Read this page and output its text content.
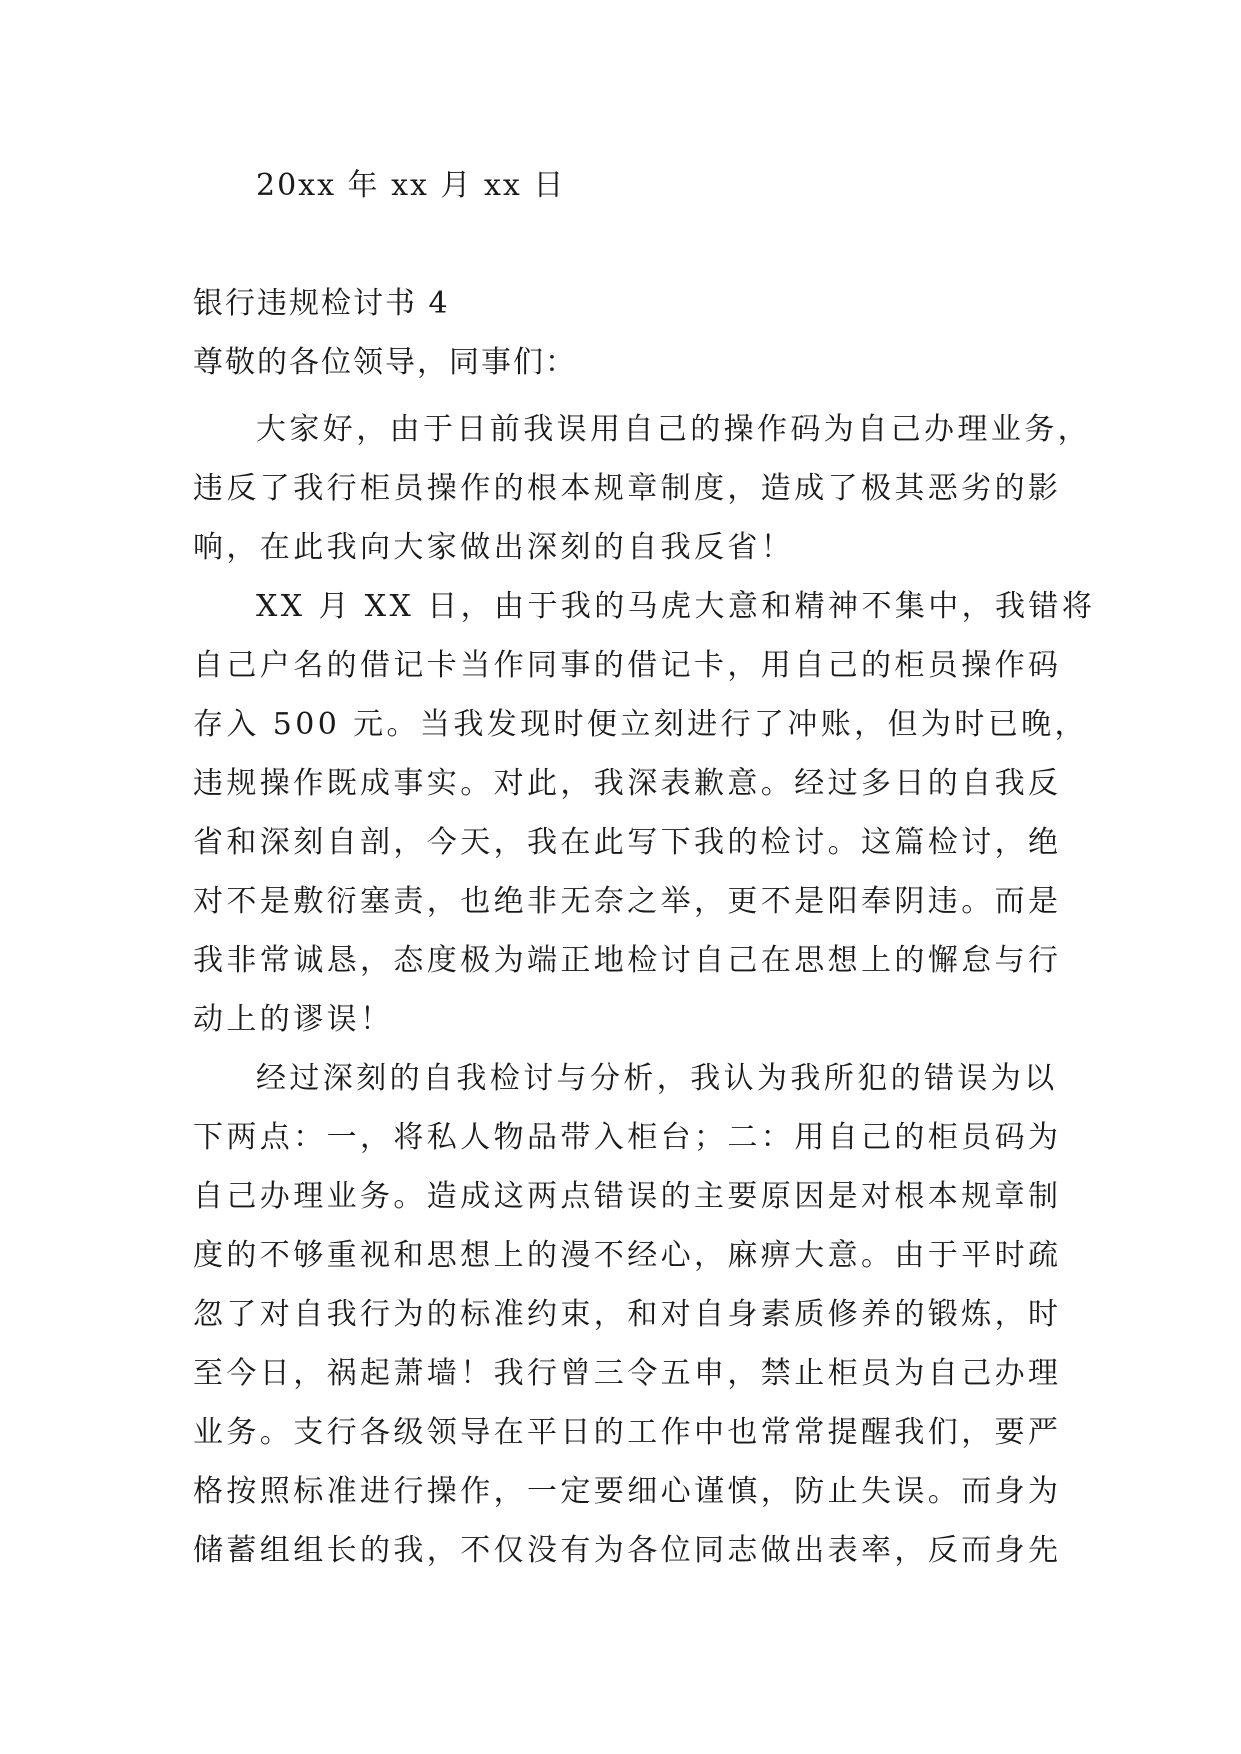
20xx 年 xx 月 xx 日
银行违规检讨书 4
尊敬的各位领导，同事们：
大家好，由于日前我误用自己的操作码为自己办理业务，
违反了我行柜员操作的根本规章制度，造成了极其恶劣的影
响，在此我向大家做出深刻的自我反省！
XX 月 XX 日，由于我的马虎大意和精神不集中，我错将
自己户名的借记卡当作同事的借记卡，用自己的柜员操作码
存入 500 元。当我发现时便立刻进行了冲账，但为时已晚，
违规操作既成事实。对此，我深表歉意。经过多日的自我反
省和深刻自剖，今天，我在此写下我的检讨。这篇检讨，绝
对不是敷衍塞责，也绝非无奈之举，更不是阳奉阴违。而是
我非常诚恳，态度极为端正地检讨自己在思想上的懈怠与行
动上的谬误！
经过深刻的自我检讨与分析，我认为我所犯的错误为以
下两点：一，将私人物品带入柜台；二：用自己的柜员码为
自己办理业务。造成这两点错误的主要原因是对根本规章制
度的不够重视和思想上的漫不经心，麻痹大意。由于平时疏
忽了对自我行为的标准约束，和对自身素质修养的锻炼，时
至今日，祸起萧墙！我行曾三令五申，禁止柜员为自己办理
业务。支行各级领导在平日的工作中也常常提醒我们，要严
格按照标准进行操作，一定要细心谨慎，防止失误。而身为
储蓄组组长的我，不仅没有为各位同志做出表率，反而身先
